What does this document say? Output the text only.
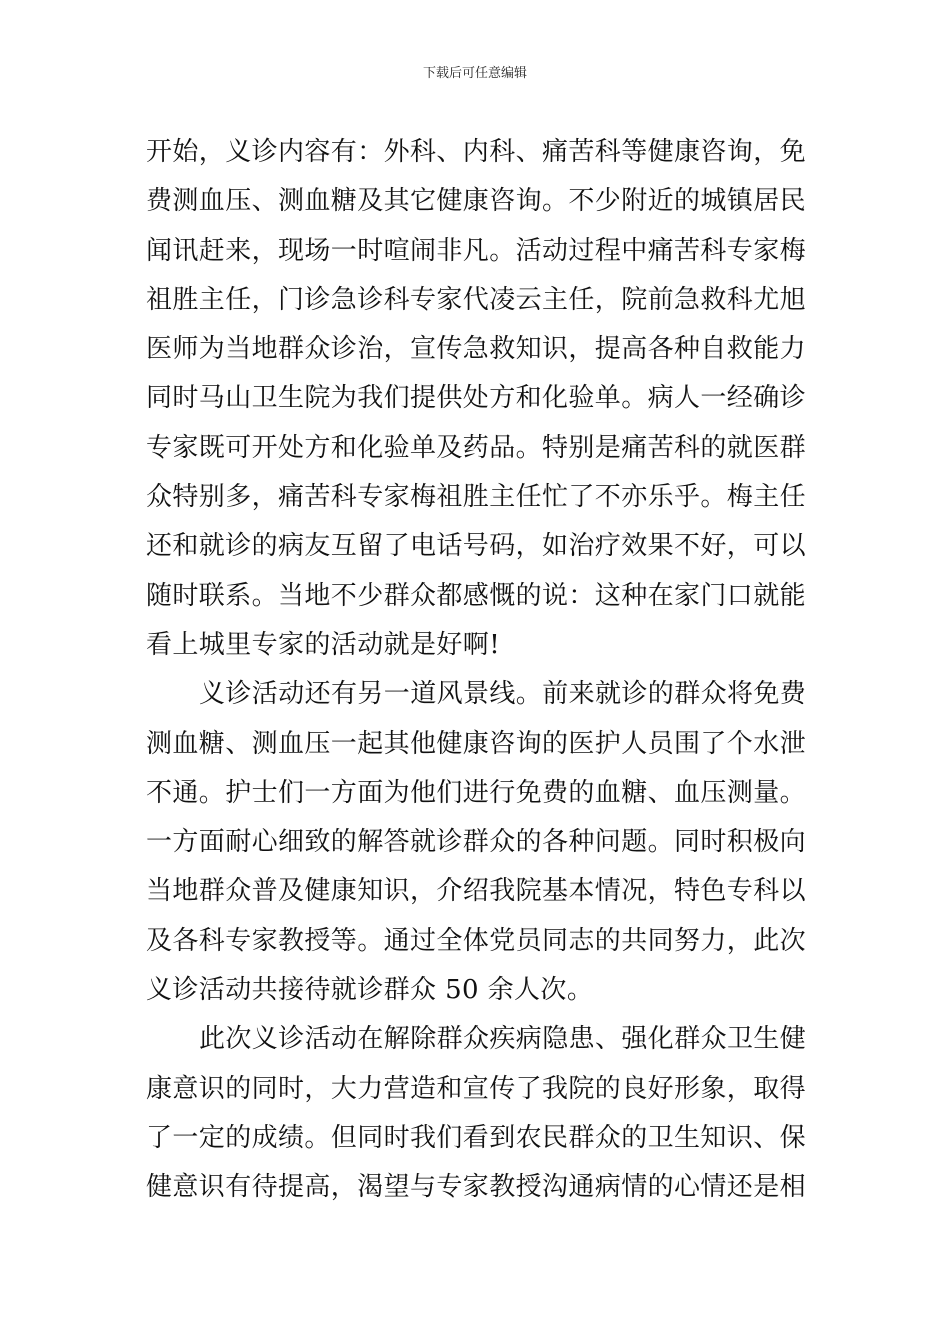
下载后可任意编辑
开始，义诊内容有：外科、内科、痛苦科等健康咨询，免
费测血压、测血糖及其它健康咨询。不少附近的城镇居民
闻讯赶来，现场一时喧闹非凡。活动过程中痛苦科专家梅
祖胜主任，门诊急诊科专家代凌云主任，院前急救科尤旭
医师为当地群众诊治，宣传急救知识，提高各种自救能力
同时马山卫生院为我们提供处方和化验单。病人一经确诊
专家既可开处方和化验单及药品。特别是痛苦科的就医群
众特别多，痛苦科专家梅祖胜主任忙了不亦乐乎。梅主任
还和就诊的病友互留了电话号码，如治疗效果不好，可以
随时联系。当地不少群众都感慨的说：这种在家门口就能
看上城里专家的活动就是好啊!
义诊活动还有另一道风景线。前来就诊的群众将免费
测血糖、测血压一起其他健康咨询的医护人员围了个水泄
不通。护士们一方面为他们进行免费的血糖、血压测量。
一方面耐心细致的解答就诊群众的各种问题。同时积极向
当地群众普及健康知识，介绍我院基本情况，特色专科以
及各科专家教授等。通过全体党员同志的共同努力，此次
义诊活动共接待就诊群众 50 余人次。
此次义诊活动在解除群众疾病隐患、强化群众卫生健
康意识的同时，大力营造和宣传了我院的良好形象，取得
了一定的成绩。但同时我们看到农民群众的卫生知识、保
健意识有待提高，渴望与专家教授沟通病情的心情还是相
